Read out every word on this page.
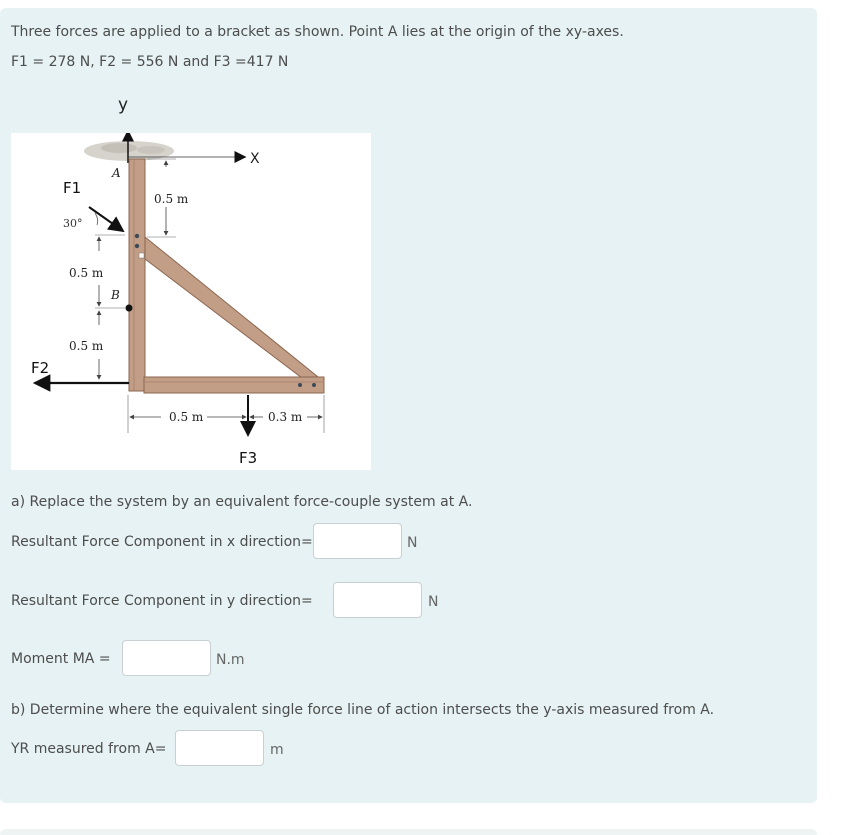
Three forces are applied to a bracket as shown. Point A lies at the origin of the xy-axes.
F1 = 278 N, F2 = 556 N and F3 =417 N
y
X
B
A
F1
30°
0.5 m
0.5 m
0.5 m
F2
0.5 m	0.3 m
F3
a) Replace the system by an equivalent force-couple system at A.
Resultant Force Component in x direction=	N
Resultant Force Component in y direction=	N
Moment MA =	N.m
b) Determine where the equivalent single force line of action intersects the y-axis measured from A.
YR measured from A=	m
